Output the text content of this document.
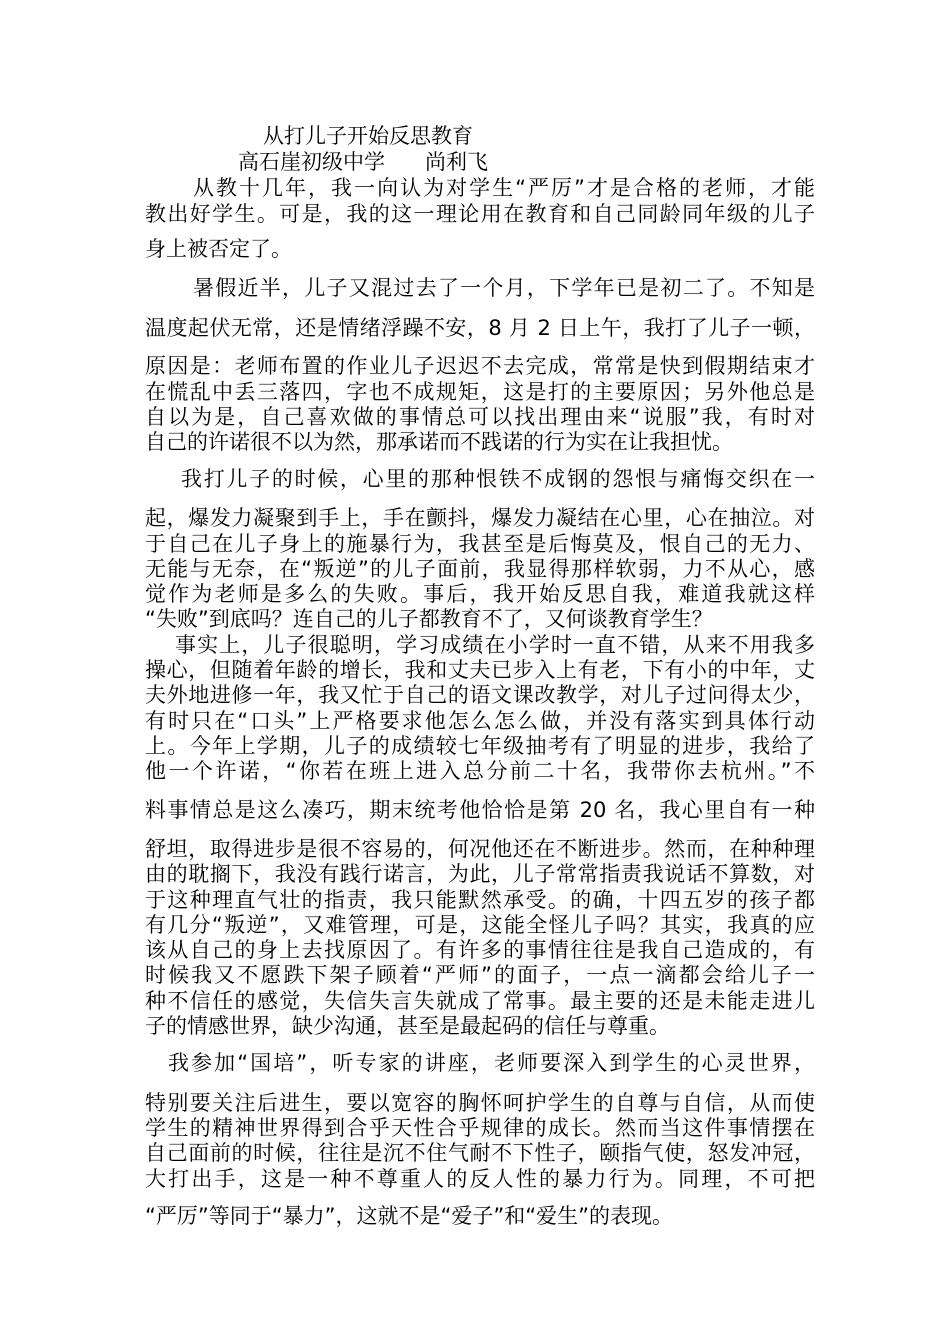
从打儿子开始反思教育
高石崖初级中学      尚利飞
从教十几年，我一向认为对学生“严厉”才是合格的老师，才能
教出好学生。可是，我的这一理论用在教育和自己同龄同年级的儿子
身上被否定了。
暑假近半，儿子又混过去了一个月，下学年已是初二了。不知是
温度起伏无常，还是情绪浮躁不安，8 月 2 日上午，我打了儿子一顿，
原因是：老师布置的作业儿子迟迟不去完成，常常是快到假期结束才
在慌乱中丢三落四，字也不成规矩，这是打的主要原因；另外他总是
自以为是，自己喜欢做的事情总可以找出理由来“说服”我，有时对
自己的许诺很不以为然，那承诺而不践诺的行为实在让我担忧。
我打儿子的时候，心里的那种恨铁不成钢的怨恨与痛悔交织在一
起，爆发力凝聚到手上，手在颤抖，爆发力凝结在心里，心在抽泣。对
于自己在儿子身上的施暴行为，我甚至是后悔莫及，恨自己的无力、
无能与无奈，在“叛逆”的儿子面前，我显得那样软弱，力不从心，感
觉作为老师是多么的失败。事后，我开始反思自我，难道我就这样
“失败”到底吗？连自己的儿子都教育不了，又何谈教育学生？
事实上，儿子很聪明，学习成绩在小学时一直不错，从来不用我多
操心，但随着年龄的增长，我和丈夫已步入上有老，下有小的中年，丈
夫外地进修一年，我又忙于自己的语文课改教学，对儿子过问得太少，
有时只在“口头”上严格要求他怎么怎么做，并没有落实到具体行动
上。今年上学期，儿子的成绩较七年级抽考有了明显的进步，我给了
他一个许诺，“你若在班上进入总分前二十名，我带你去杭州。”不
料事情总是这么凑巧，期末统考他恰恰是第 20 名，我心里自有一种
舒坦，取得进步是很不容易的，何况他还在不断进步。然而，在种种理
由的耽搁下，我没有践行诺言，为此，儿子常常指责我说话不算数，对
于这种理直气壮的指责，我只能默然承受。的确，十四五岁的孩子都
有几分“叛逆”，又难管理，可是，这能全怪儿子吗？其实，我真的应
该从自己的身上去找原因了。有许多的事情往往是我自己造成的，有
时候我又不愿跌下架子顾着“严师”的面子，一点一滴都会给儿子一
种不信任的感觉，失信失言失就成了常事。最主要的还是未能走进儿
子的情感世界，缺少沟通，甚至是最起码的信任与尊重。
我参加“国培”，听专家的讲座，老师要深入到学生的心灵世界，
特别要关注后进生，要以宽容的胸怀呵护学生的自尊与自信，从而使
学生的精神世界得到合乎天性合乎规律的成长。然而当这件事情摆在
自己面前的时候，往往是沉不住气耐不下性子，颐指气使，怒发冲冠，
大打出手，这是一种不尊重人的反人性的暴力行为。同理，不可把
“严厉”等同于“暴力”，这就不是“爱子”和“爱生”的表现。
